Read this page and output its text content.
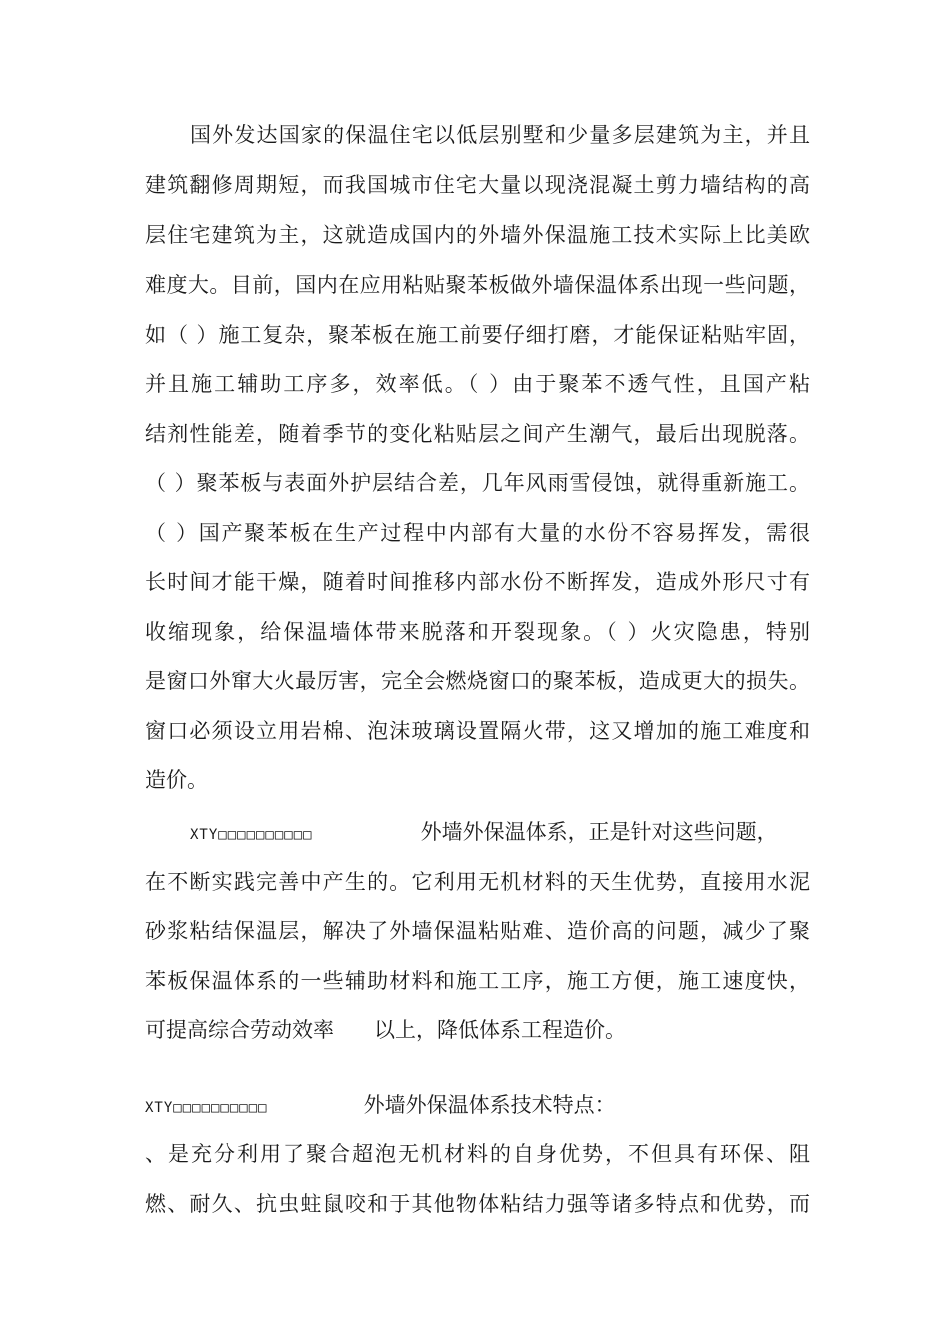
国外发达国家的保温住宅以低层别墅和少量多层建筑为主，并且
建筑翻修周期短，而我国城市住宅大量以现浇混凝土剪力墙结构的高
层住宅建筑为主，这就造成国内的外墙外保温施工技术实际上比美欧
难度大。目前，国内在应用粘贴聚苯板做外墙保温体系出现一些问题，
如（ ）施工复杂，聚苯板在施工前要仔细打磨，才能保证粘贴牢固，
并且施工辅助工序多，效率低。（ ）由于聚苯不透气性，且国产粘
结剂性能差，随着季节的变化粘贴层之间产生潮气，最后出现脱落。
（ ）聚苯板与表面外护层结合差，几年风雨雪侵蚀，就得重新施工。
（ ）国产聚苯板在生产过程中内部有大量的水份不容易挥发，需很
长时间才能干燥，随着时间推移内部水份不断挥发，造成外形尺寸有
收缩现象，给保温墙体带来脱落和开裂现象。（ ）火灾隐患，特别
是窗口外窜大火最厉害，完全会燃烧窗口的聚苯板，造成更大的损失。
窗口必须设立用岩棉、泡沫玻璃设置隔火带，这又增加的施工难度和
造价。
XTY□□□□□□□□□□	外墙外保温体系，正是针对这些问题，
在不断实践完善中产生的。它利用无机材料的天生优势，直接用水泥
砂浆粘结保温层，解决了外墙保温粘贴难、造价高的问题，减少了聚
苯板保温体系的一些辅助材料和施工工序，施工方便，施工速度快，
可提高综合劳动效率 以上，降低体系工程造价。
XTY□□□□□□□□□□	外墙外保温体系技术特点：
、是充分利用了聚合超泡无机材料的自身优势，不但具有环保、阻
燃、耐久、抗虫蛀鼠咬和于其他物体粘结力强等诸多特点和优势，而
